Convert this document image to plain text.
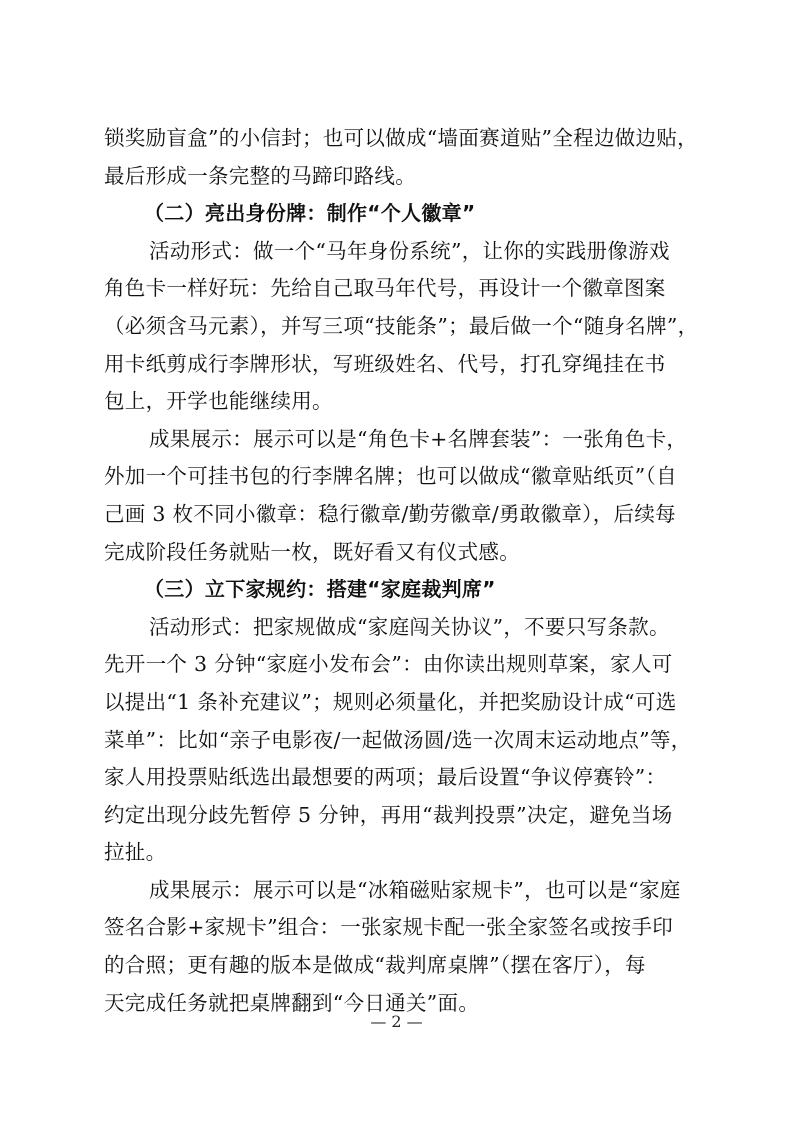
锁奖励盲盒”的小信封；也可以做成“墙面赛道贴”全程边做边贴，
最后形成一条完整的马蹄印路线。
（二）亮出身份牌：制作“个人徽章”
活动形式：做一个“马年身份系统”，让你的实践册像游戏
角色卡一样好玩：先给自己取马年代号，再设计一个徽章图案
（必须含马元素），并写三项“技能条”；最后做一个“随身名牌”，
用卡纸剪成行李牌形状，写班级姓名、代号，打孔穿绳挂在书
包上，开学也能继续用。
成果展示：展示可以是“角色卡+名牌套装”：一张角色卡，
外加一个可挂书包的行李牌名牌；也可以做成“徽章贴纸页”（自
己画 3 枚不同小徽章：稳行徽章/勤劳徽章/勇敢徽章），后续每
完成阶段任务就贴一枚，既好看又有仪式感。
（三）立下家规约：搭建“家庭裁判席”
活动形式：把家规做成“家庭闯关协议”，不要只写条款。
先开一个 3 分钟“家庭小发布会”：由你读出规则草案，家人可
以提出“1 条补充建议”；规则必须量化，并把奖励设计成“可选
菜单”：比如“亲子电影夜/一起做汤圆/选一次周末运动地点”等，
家人用投票贴纸选出最想要的两项；最后设置“争议停赛铃”：
约定出现分歧先暂停 5 分钟，再用“裁判投票”决定，避免当场
拉扯。
成果展示：展示可以是“冰箱磁贴家规卡”，也可以是“家庭
签名合影+家规卡”组合：一张家规卡配一张全家签名或按手印
的合照；更有趣的版本是做成“裁判席桌牌”（摆在客厅），每
天完成任务就把桌牌翻到“今日通关”面。
— 2 —
